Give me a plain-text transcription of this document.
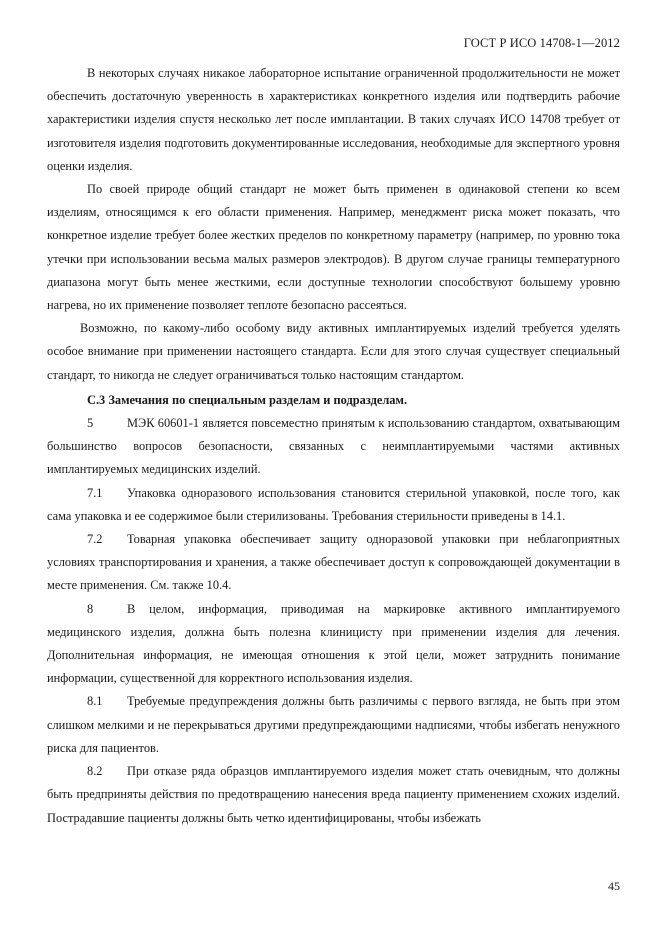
ГОСТ Р ИСО 14708-1—2012

В некоторых случаях никакое лабораторное испытание ограниченной продолжительности не может обеспечить достаточную уверенность в характеристиках конкретного изделия или подтвердить рабочие характеристики изделия спустя несколько лет после имплантации. В таких случаях ИСО 14708 требует от изготовителя изделия подготовить документированные исследования, необходимые для экспертного уровня оценки изделия.

По своей природе общий стандарт не может быть применен в одинаковой степени ко всем изделиям, относящимся к его области применения. Например, менеджмент риска может показать, что конкретное изделие требует более жестких пределов по конкретному параметру (например, по уровню тока утечки при использовании весьма малых размеров электродов). В другом случае границы температурного диапазона могут быть менее жесткими, если доступные технологии способствуют большему уровню нагрева, но их применение позволяет теплоте безопасно рассеяться.

Возможно, по какому-либо особому виду активных имплантируемых изделий требуется уделять особое внимание при применении настоящего стандарта. Если для этого случая существует специальный стандарт, то никогда не следует ограничиваться только настоящим стандартом.

С.3 Замечания по специальным разделам и подразделам.

5	МЭК 60601-1 является повсеместно принятым к использованию стандартом, охватывающим большинство вопросов безопасности, связанных с неимплантируемыми частями активных имплантируемых медицинских изделий.

7.1 Упаковка одноразового использования становится стерильной упаковкой, после того, как сама упаковка и ее содержимое были стерилизованы. Требования стерильности приведены в 14.1.

7.2 Товарная упаковка обеспечивает защиту одноразовой упаковки при неблагоприятных условиях транспортирования и хранения, а также обеспечивает доступ к сопровождающей документации в месте применения. См. также 10.4.

8	В целом, информация, приводимая на маркировке активного имплантируемого медицинского изделия, должна быть полезна клиницисту при применении изделия для лечения. Дополнительная информация, не имеющая отношения к этой цели, может затруднить понимание информации, существенной для корректного использования изделия.

8.1 Требуемые предупреждения должны быть различимы с первого взгляда, не быть при этом слишком мелкими и не перекрываться другими предупреждающими надписями, чтобы избегать ненужного риска для пациентов.

8.2 При отказе ряда образцов имплантируемого изделия может стать очевидным, что должны быть предприняты действия по предотвращению нанесения вреда пациенту применением схожих изделий. Пострадавшие пациенты должны быть четко идентифицированы, чтобы избежать

45
